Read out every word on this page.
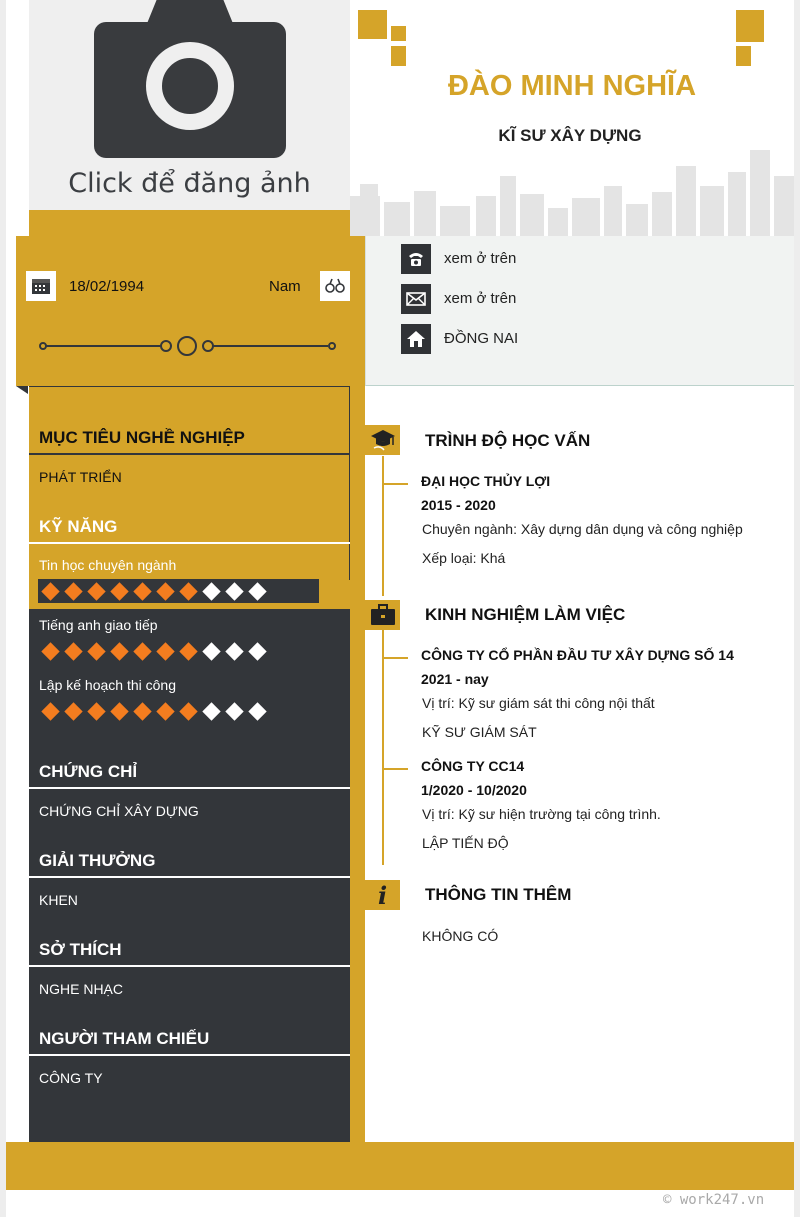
Click để đăng ảnh
ĐÀO MINH NGHĨA
KĨ SƯ XÂY DỰNG
18/02/1994	Nam
xem ở trên
xem ở trên
ĐỒNG NAI
MỤC TIÊU NGHỀ NGHIỆP
PHÁT TRIỂN
KỸ NĂNG
Tin học chuyên ngành
Tiếng anh giao tiếp
Lập kế hoạch thi công
CHỨNG CHỈ
CHỨNG CHỈ XÂY DỰNG
GIẢI THƯỞNG
KHEN
SỞ THÍCH
NGHE NHẠC
NGƯỜI THAM CHIẾU
CÔNG TY
TRÌNH ĐỘ HỌC VẤN
ĐẠI HỌC THỦY LỢI
2015 - 2020
Chuyên ngành: Xây dựng dân dụng và công nghiệp
Xếp loại: Khá
KINH NGHIỆM LÀM VIỆC
CÔNG TY CỔ PHẦN ĐẦU TƯ XÂY DỰNG SỐ 14
2021 - nay
Vị trí: Kỹ sư giám sát thi công nội thất
KỸ SƯ GIÁM SÁT
CÔNG TY CC14
1/2020 - 10/2020
Vị trí: Kỹ sư hiện trường tại công trình.
LẬP TIẾN ĐỘ
i THÔNG TIN THÊM
KHÔNG CÓ
© work247.vn
